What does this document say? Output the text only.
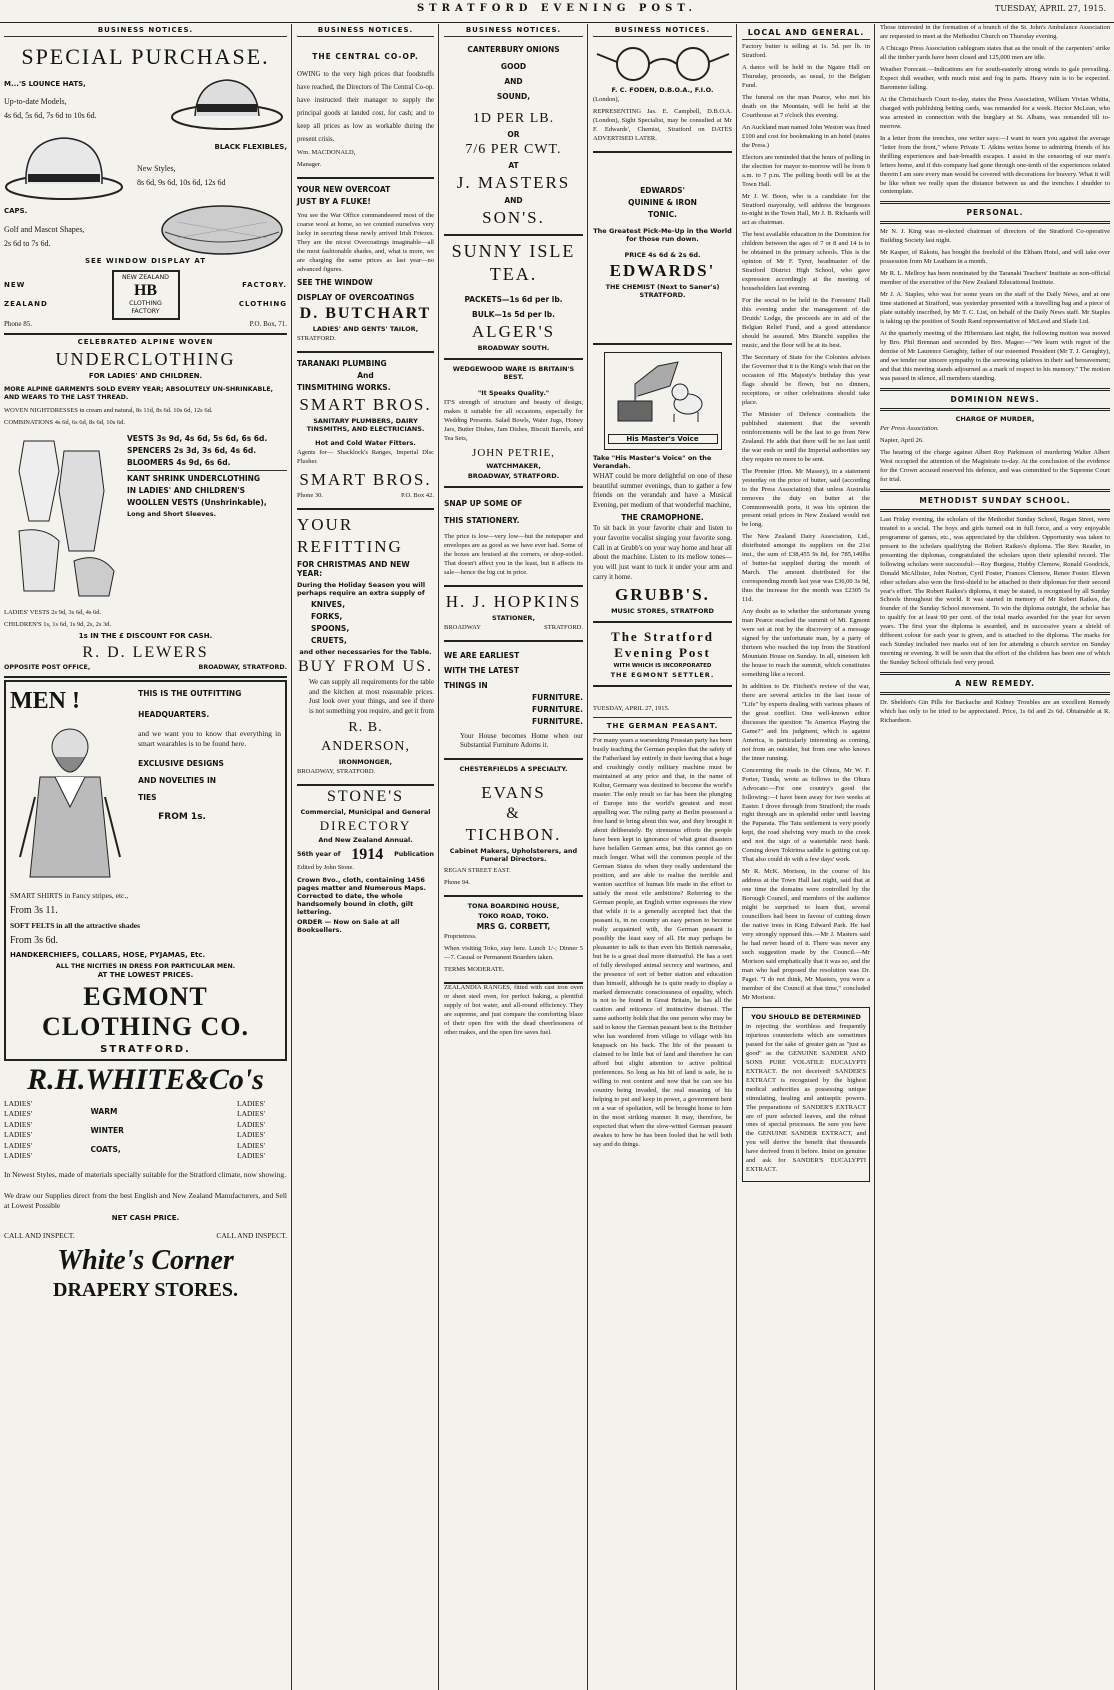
STRATFORD EVENING POST.	TUESDAY, APRIL 27, 1915.
BUSINESS NOTICES.
SPECIAL PURCHASE.
M...'S LOUNCE HATS,
Up-to-date Models,
4s 6d, 5s 6d, 7s 6d to 10s 6d.
BLACK FLEXIBLES,
New Styles,
8s 6d, 9s 6d, 10s 6d, 12s 6d
CAPS.
Golf and Mascot Shapes,
2s 6d to 7s 6d.
SEE WINDOW DISPLAY AT
NEW
ZEALAND
NEW ZEALAND
HB
CLOTHING FACTORY
FACTORY.
CLOTHING
Phone 85.	P.O. Box, 71.
CELEBRATED ALPINE WOVEN
UNDERCLOTHING
FOR LADIES' AND CHILDREN.
MORE ALPINE GARMENTS SOLD EVERY YEAR; ABSOLUTELY UN-SHRINKABLE, AND WEARS TO THE LAST THREAD.
WOVEN NIGHTDRESSES in cream and natural, 8s 11d, 8s 6d. 10s 6d, 12s 6d.
COMBINATIONS 4s 6d, 6s 6d, 8s 6d, 10s 6d.
VESTS 3s 9d, 4s 6d, 5s 6d, 6s 6d.
SPENCERS 2s 3d, 3s 6d, 4s 6d.
BLOOMERS 4s 9d, 6s 6d.
KANT SHRINK UNDERCLOTHING
IN LADIES' AND CHILDREN'S
WOOLLEN VESTS (Unshrinkable),
Long and Short Sleeves.
LADIES' VESTS 2s 9d, 3s 6d, 4s 6d.
CHILDREN'S 1s, 1s 6d, 1s 9d, 2s, 2s 3d.
1s IN THE £ DISCOUNT FOR CASH.
R. D. LEWERS
OPPOSITE POST OFFICE,	BROADWAY, STRATFORD.
MEN !	THIS IS THE OUTFITTING
HEADQUARTERS.
and we want you to know that everything in smart wearables is to be found here.
EXCLUSIVE DESIGNS
AND NOVELTIES IN
TIES
FROM 1s.
SMART SHIRTS in Fancy stripes, etc.,
From 3s 11.
SOFT FELTS in all the attractive shades
From 3s 6d.
HANDKERCHIEFS, COLLARS, HOSE, PYJAMAS, Etc.
ALL THE NICITIES IN DRESS FOR PARTICULAR MEN.
AT THE LOWEST PRICES.
EGMONT CLOTHING CO.
STRATFORD.
R.H.WHITE&Co's
LADIES'
LADIES'
LADIES'
LADIES'
LADIES'
LADIES'
WARM
WINTER
COATS,
LADIES'
LADIES'
LADIES'
LADIES'
LADIES'
LADIES'
In Newest Styles, made of materials specially suitable for the Stratford climate, now showing.
We draw our Supplies direct from the best English and New Zealand Manufacturers, and Sell at Lowest Possible
NET CASH PRICE.
CALL AND INSPECT.	CALL AND INSPECT.
White's Corner
DRAPERY STORES.
BUSINESS NOTICES.
THE CENTRAL CO-OP.
OWING to the very high prices that foodstuffs have reached, the Directors of The Central Co-op. have instructed their manager to supply the principal goods at landed cost, for cash; and to keep all prices as low as workable during the present crisis.
Wm. MACDONALD,
Manager.
YOUR NEW OVERCOAT
JUST BY A FLUKE!
You see the War Office commandeered most of the coarse wool at home, so we counted ourselves very lucky in securing these newly arrived Irish Friezes. They are the nicest Overcoatings imaginable—all the most fashionable shades, and, what is more, we are charging the same prices as last year—no advanced figures.
SEE THE WINDOW
DISPLAY OF OVERCOATINGS
D. BUTCHART
LADIES' AND GENTS' TAILOR,
STRATFORD.
TARANAKI PLUMBING
And
TINSMITHING WORKS.
SMART BROS.
SANITARY PLUMBERS, DAIRY TINSMITHS, AND ELECTRICIANS.
Hot and Cold Water Fitters.
Agents for— Shacklock's Ranges, Imperial Dlsc Flusher.
SMART BROS.
Phone 30.	P.O. Box 42.
YOUR
REFITTING
FOR CHRISTMAS AND NEW YEAR:
During the Holiday Season you will perhaps require an extra supply of
KNIVES,
FORKS,
SPOONS,
CRUETS,
and other necessaries for the Table.
BUY FROM US.
We can supply all requirements for the table and the kitchen at most reasonable prices. Just look over your things, and see if there is not something you require, and get it from
R. B.
ANDERSON,
IRONMONGER,
BROADWAY, STRATFORD.
STONE'S
Commercial, Municipal and General
DIRECTORY
And New Zealand Annual.
56th year of 1914 Publication
Edited by John Stone.
Crown 8vo., cloth, containing 1456 pages matter and Numerous Maps. Corrected to date, the whole handsomely bound in cloth, gilt lettering.
ORDER — Now on Sale at all Booksellers.
BUSINESS NOTICES.
CANTERBURY ONIONS
GOOD
AND
SOUND,
1D PER LB.
OR
7/6 PER CWT.
AT
J. MASTERS
AND
SON'S.
SUNNY ISLE
TEA.
PACKETS—1s 6d per lb.
BULK—1s 5d per lb.
ALGER'S
BROADWAY SOUTH.
WEDGEWOOD WARE IS BRITAIN'S BEST.
"It Speaks Quality."
IT'S strength of structure and beauty of design, makes it suitable for all occasions, especially for Wedding Presents. Salad Bowls, Water Jugs, Honey Jars, Butter Dishes, Jam Dishes, Biscuit Barrels, and Tea Sets,
JOHN PETRIE,
WATCHMAKER,
BROADWAY, STRATFORD.
SNAP UP SOME OF
THIS STATIONERY.
The price is low—very low—but the notepaper and envelopes are as good as we have ever had. Some of the boxes are bruised at the corners, or shop-soiled. That doesn't affect you in the least, but it affects its sale—hence the big cut in price.
H. J. HOPKINS
STATIONER,
BROADWAY	STRATFORD.
WE ARE EARLIEST
WITH THE LATEST
THINGS IN
FURNITURE.
FURNITURE.
FURNITURE.
Your House becomes Home when our Substantial Furniture Adorns it.
CHESTERFIELDS A SPECIALTY.
EVANS
&
TICHBON.
Cabinet Makers, Upholsterers, and Funeral Directors.
REGAN STREET EAST.
Phone 94.
TONA BOARDING HOUSE,
TOKO ROAD, TOKO.
MRS G. CORBETT,
Proprietress.
When visiting Toko, stay here. Lunch 1/-; Dinner 5—7. Casual or Permanent Boarders taken.
TERMS MODERATE.
ZEALANDIA RANGES, fitted with cast iron oven or sheet steel oven, for perfect baking, a plentiful supply of hot water, and all-round efficiency. They are supreme, and just compare the comforting blaze of their open fire with the dead cheerlessness of other makes, and the open fire saves fuel.
BUSINESS NOTICES.
F. C. FODEN, D.B.O.A., F.I.O.
(London),
REPRESENTING Jas. E. Campbell, D.B.O.A. (London), Sight Specialist, may be consulted at Mr F. Edwards', Chemist, Stratford on DATES ADVERTISED LATER.
EDWARDS'
QUININE & IRON
TONIC.
The Greatest Pick-Me-Up in the World for those run down.
PRICE 4s 6d & 2s 6d.
EDWARDS'
THE CHEMIST (Next to Saner's) STRATFORD.
His Master's Voice
Take "His Master's Voice" on the Verandah.
WHAT could be more delightful on one of these beautiful summer evenings, than to gather a few friends on the verandah and have a Musical Evening, per medium of that wonderful machine,
THE CRAMOPHONE.
To sit back in your favorite chair and listen to your favorite vocalist singing your favorite song. Call in at Grubb's on your way home and hear all about the machine. Listen to its mellow tones—you will just want to tuck it under your arm and carry it home.
GRUBB'S.
MUSIC STORES, STRATFORD
The Stratford Evening Post
WITH WHICH IS INCORPORATED
THE EGMONT SETTLER.
TUESDAY, APRIL 27, 1915.
THE GERMAN PEASANT.
For many years a warseeking Prussian party has been busily teaching the German peoples that the safety of the Fatherland lay entirely in their having that a huge and crushingly costly military machine must be maintained at any price and that, in the name of Kultur, Germany was destined to become the world's master. The only result so far has been the plunging of Europe into the world's greatest and most appalling war. The ruling party at Berlin possessed a free hand to bring about this war, and they brought it about deliberately. By strenuous efforts the people have been kept in ignorance of what great disasters have befallen German arms, but this cannot go on much longer. What will the common people of the German States do when they really understand the position, and are able to realise the terrible and wanton sacrifice of human life made in the effort to satisfy the most vile ambitions? Referring to the German people, an English writer expresses the view that while it is a generally accepted fact that the peasant is, in no country an easy person to become really acquainted with, the German peasant is possibly the least easy of all. He may perhaps be pleasanter to talk to than even his British namesake, but he is a great deal more distrustful. He has a sort of fully developed animal secrecy and wariness, and the presence of sort of better station and education than himself, although he is quite ready to display a marked democratic consciousness of equality, which is not to be found in Great Britain, he has all the caution and reticence of instinctive distrust. The same authority holds that the one person who may be said to know the German peasant best is the Britisher who has wandered from village to village with his knapsack on his back. The life of the peasant is claimed to be little but of land and therefore he can afford but slight attention to active political preferences. So long as his bit of land is safe, he is willing to rest content and now that he can see his country being invaded, the real meaning of his helping to put and keep in power, a government bent on a war of spoliation, will be brought home to him in the most striking manner. It may, therefore, be expected that when the slow-witted German peasant awakes to how he has been fooled that he will both say and do things.
LOCAL AND GENERAL.
Factory butter is selling at 1s. 5d. per lb. in Stratford.
A dance will be held in the Ngaire Hall on Thursday, proceeds, as usual, to the Belgian Fund.
The funeral on the man Pearce, who met his death on the Mountain, will be held at the Courthouse at 7 o'clock this evening.
An Auckland man named John Weston was fined £100 and cost for bookmaking in an hotel (states the Press.)
Electors are reminded that the hours of polling in the election for mayor to-morrow will be from 9 a.m. to 7 p.m. The polling booth will be at the Town Hall.
Mr J. W. Boon, who is a candidate for the Stratford mayoralty, will address the burgesses to-night in the Town Hall, Mr J. B. Richards will act as chairman.
The best available education in the Dominion for children between the ages of 7 or 8 and 14 is to be obtained in the primary schools. This is the opinion of Mr F. Tyrer, headmaster of the Stratford District High School, who gave expression accordingly at the meeting of householders last evening.
For the social to be held in the Foresters' Hall this evening under the management of the Druids' Lodge, the proceeds are in aid of the Belgian Relief Fund, and a good attendance should be assured. Mrs Bianchi supplies the music, and the floor will be at its best.
The Secretary of State for the Colonies advises the Governor that it is the King's wish that on the occasion of His Majesty's birthday this year flags should be flown, but no dinners, receptions, or other celebrations should take place.
The Minister of Defence contradicts the published statement that the seventh reinforcements will be the last to go from New Zealand. He adds that there will be no last until the war ends or until the Imperial authorities say they require no more to be sent.
The Premier (Hon. Mr Massey), in a statement yesterday on the price of butter, said (according to the Press Association) that unless Australia removes the duty on butter at the Commonwealth ports, it was his opinion the present retail prices in New Zealand would not be long.
The New Zealand Dairy Association, Ltd., distributed amongst its suppliers on the 21st inst., the sum of £38,455 9s 8d, for 785,149lbs of butter-fat supplied during the month of March. The amount distributed for the corresponding month last year was £36,00 3s 9d, thus the increase for the month was £2305 5s 11d.
Any doubt as to whether the unfortunate young man Pearce reached the summit of Mt. Egmont were set at rest by the discovery of a message signed by the unfortunate man, by a party of thirteen who reached the top from the Stratford Mountain House on Sunday. In all, nineteen left the house to reach the summit, which constitutes something like a record.
In addition to Dr. Fitchett's review of the war, there are several articles in the last issue of "Life" by experts dealing with various phases of the great conflict. One well-known editor discusses the question "Is America Playing the Game?" and his judgment, which is against America, is particularly interesting as coming, not from an outsider, but from one who knows the inner running.
Concerning the roads in the Ohura, Mr W. F. Porter, Tunda, wrote as follows to the Ohura Advocate:—For one country's good the following:—I have been away for two weeks at Easter. I drove through from Stratford; the roads right through are in splendid order until leaving the Paparata. The Tatu settlement is very poorly kept, the road shelving very much to the creek and not the sign of a watertable next bank. Coming down Tokirima saddle is getting cut up. That also could do with a few days' work.
Mr R. McK. Morison, in the course of his address at the Town Hall last night, said that at one time the domains were controlled by the Borough Council, and members of the audience might be surprised to learn that, several councillors had been in favour of cutting down the native trees in King Edward Park. He had very strongly opposed this.—Mr J. Masters said he had never heard of it. There was never any such suggestion made by the Council.—Mr Morison said emphatically that it was so, and the man who had proposed the resolution was Dr. Paget. "I do not think, Mr Masters, you were a member of the Council at that time," concluded Mr Morison.
YOU SHOULD BE DETERMINED
in rejecting the worthless and frequently injurious counterfeits which are sometimes passed for the sake of greater gain as "just as good" as the GENUINE SANDER AND SONS PURE VOLATILE EUCALYPTI EXTRACT. Be not deceived! SANDER'S EXTRACT is recognised by the highest medical authorities as possessing unique stimulating, healing and antiseptic powers. The preparations of SANDER'S EXTRACT are of pure selected leaves, and the robust ones of special processes. Be sure you have the GENUINE SANDER EXTRACT, and you will derive the benefit that thousands have derived from it before. Insist on genuine and ask for SANDER'S EUCALYPTI EXTRACT.
Those interested in the formation of a branch of the St. John's Ambulance Association are requested to meet at the Methodist Church on Thursday evening.
A Chicago Press Association cablegram states that as the result of the carpenters' strike all the timber yards have been closed and 125,000 men are idle.
Weather Forecast.—Indications are for south-easterly strong winds to gale prevailing. Expect dull weather, with much mist and fog in parts. Heavy rain is to be expected. Barometer falling.
At the Christchurch Court to-day, states the Press Association, William Vivian Whitta, charged with publishing betting cards, was remanded for a week. Hector McLean, who was arrested in connection with the burglary at St. Albans, was remanded till to-morrow.
In a letter from the trenches, one writer says:—I want to warn you against the average "letter from the front," where Private T. Atkins writes home to admiring friends of his thrilling experiences and hair-breadth escapes. I assist in the censoring of our men's letters home, and if this company had gone through one-tenth of the experiences related therein I am sure every man would be covered with decorations for bravery. What it will be like when we really span the distance between us and the trenches I shudder to contemplate.
PERSONAL.
Mr N. J. King was re-elected chairman of directors of the Stratford Co-operative Building Society last night.
Mr Kasper, of Rakotu, has bought the freehold of the Eltham Hotel, and will take over possession from Mr Leatham in a month.
Mr R. L. Mellroy has been nominated by the Taranaki Teachers' Institute as non-official member of the executive of the New Zealand Educational Institute.
Mr J. A. Staples, who was for some years on the staff of the Daily News, and at one time stationed at Stratford, was yesterday presented with a travelling bag and a piece of plate suitably inscribed, by Mr T. C. List, on behalf of the Daily News staff. Mr Staples is taking up the position of South Rand representative of McLeod and Slade Ltd.
At the quarterly meeting of the Hibernians last night, the following motion was moved by Bro. Phil Brennan and seconded by Bro. Magee:—"We learn with regret of the demise of Mr Laurence Geraghty, father of our esteemed President (Mr T. J. Geraghty), and we tender our sincere sympathy to the sorrowing relatives in their sad bereavement; and that this meeting stands adjourned as a mark of respect to his memory." The motion was passed in silence, all members standing.
DOMINION NEWS.
CHARGE OF MURDER,
Per Press Association.
Napier, April 26.
The hearing of the charge against Albert Roy Parkinson of murdering Walter Albert West occupied the attention of the Magistrate to-day. At the conclusion of the evidence for the Crown accused reserved his defence, and was committed to the Supreme Court for trial.
METHODIST SUNDAY SCHOOL.
Last Friday evening, the scholars of the Methodist Sunday School, Regan Street, were treated to a social. The boys and girls turned out in full force, and a very enjoyable programme of games, etc., was appreciated by the children. Opportunity was taken to present to the scholars qualifying the Robert Raikes's diploma. The Rev. Reader, in presenting the diplomas, congratulated the scholars upon their splendid record. The following scholars were successful:—Roy Burgess, Hubby Clemow, Ronald Goodrick, Donald McAllister, John Norton, Cyril Foster, Frances Clemow, Renee Foster. Eleven other scholars also won the first-shield to be attached to their diplomas for their second year's effort. The Robert Raikes's diploma, it may be stated, is recognised by all Sunday Schools throughout the world. It was started in memory of Mr Robert Raikes, the founder of the Sunday School movement. To win the diploma outright, the scholar has to qualify for at least 90 per cent. of the total marks awarded for the year for seven years. The first year the diploma is awarded, and in successive years a shield of different colour for each year is given, and is attached to the diploma. The marks for each Sunday included two marks out of ten for attending a church service on Sunday morning or evening. It will be seen that the effort of the children has been one of which the Sunday School officials feel very proud.
A NEW REMEDY.
Dr. Sheldon's Gin Pills for Backache and Kidney Troubles are an excellent Remedy which has only to be tried to be appreciated. Price, 1s 6d and 2s 6d. Obtainable at R. Richardson.
